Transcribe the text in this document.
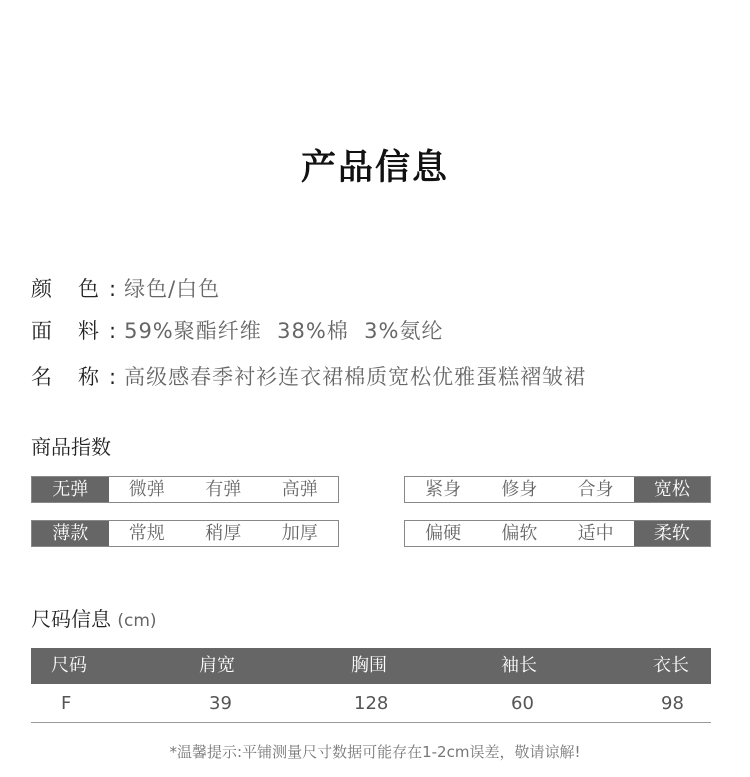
产品信息
颜 色 : 绿色/白色
面 料 : 59%聚酯纤维  38%棉  3%氨纶
名 称 : 高级感春季衬衫连衣裙棉质宽松优雅蛋糕褶皱裙
商品指数
无弹	微弹	有弹	高弹	紧身	修身	合身	宽松
薄款	常规	稍厚	加厚	偏硬	偏软	适中	柔软
尺码信息 (cm)
尺码	肩宽	胸围	袖长	衣长
F	39	128	60	98
*温馨提示:平铺测量尺寸数据可能存在1-2cm误差，敬请谅解!
